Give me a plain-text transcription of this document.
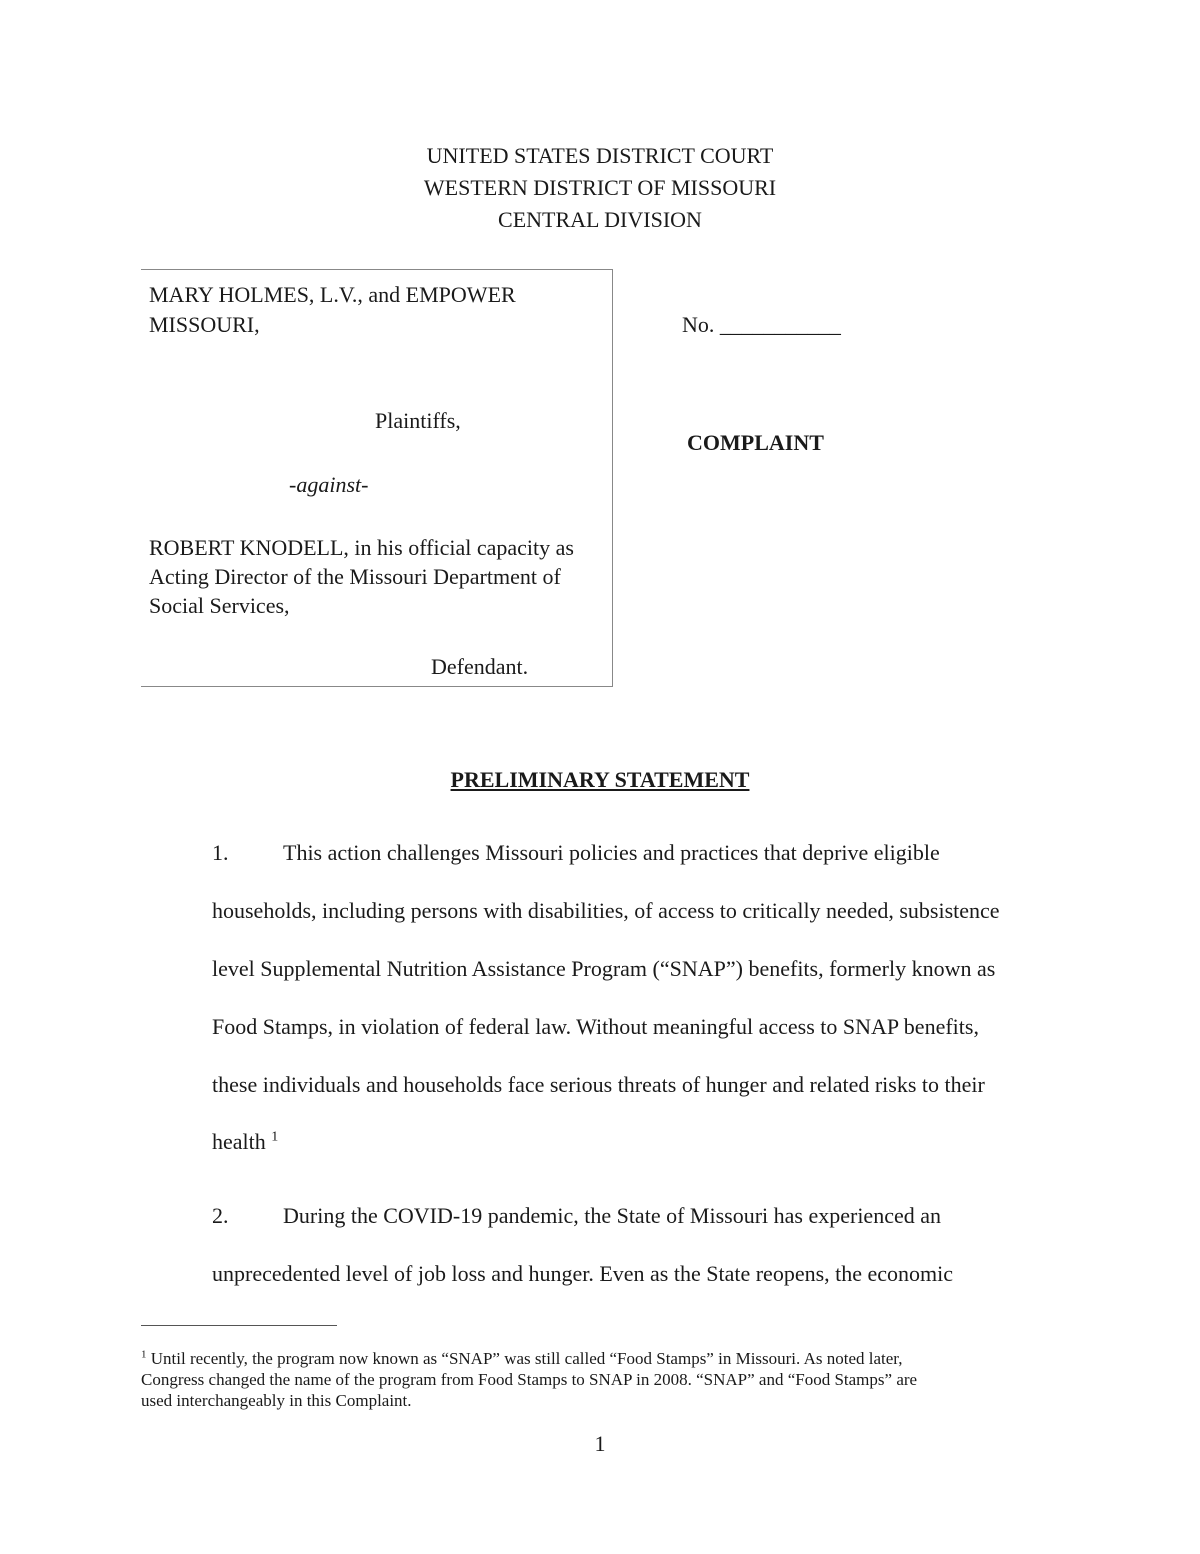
UNITED STATES DISTRICT COURT
WESTERN DISTRICT OF MISSOURI
CENTRAL DIVISION
MARY HOLMES, L.V., and EMPOWER
MISSOURI,
Plaintiffs,
-against-
ROBERT KNODELL, in his official capacity as
Acting Director of the Missouri Department of
Social Services,
Defendant.
No. ___________
COMPLAINT
PRELIMINARY STATEMENT
1. This action challenges Missouri policies and practices that deprive eligible
households, including persons with disabilities, of access to critically needed, subsistence
level Supplemental Nutrition Assistance Program (“SNAP”) benefits, formerly known as
Food Stamps, in violation of federal law. Without meaningful access to SNAP benefits,
these individuals and households face serious threats of hunger and related risks to their
health $^1$
2. During the COVID-19 pandemic, the State of Missouri has experienced an
unprecedented level of job loss and hunger. Even as the State reopens, the economic
$^1$ Until recently, the program now known as “SNAP” was still called “Food Stamps” in Missouri. As noted later,
Congress changed the name of the program from Food Stamps to SNAP in 2008. “SNAP” and “Food Stamps” are
used interchangeably in this Complaint.
1
